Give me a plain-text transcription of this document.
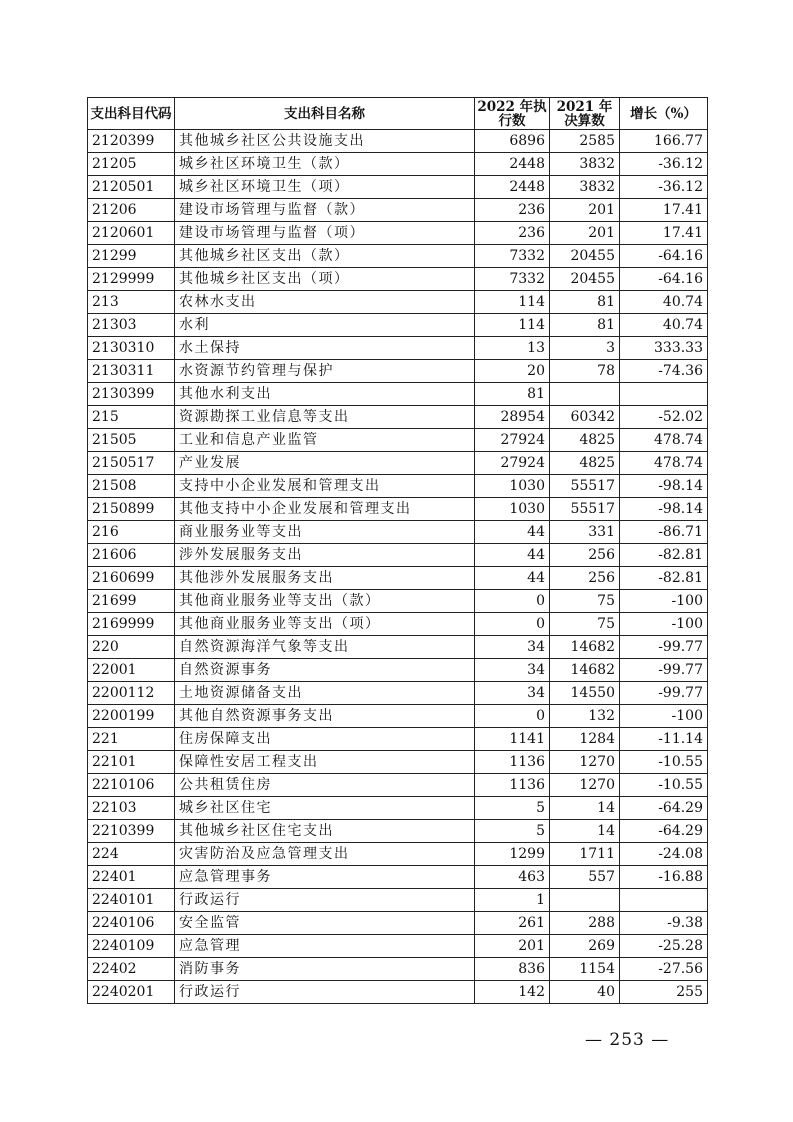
支出科目代码	支出科目名称	2022 年执行数	2021 年决算数	增长（%）
2120399	其他城乡社区公共设施支出	6896	2585	166.77
21205	城乡社区环境卫生（款）	2448	3832	-36.12
2120501	城乡社区环境卫生（项）	2448	3832	-36.12
21206	建设市场管理与监督（款）	236	201	17.41
2120601	建设市场管理与监督（项）	236	201	17.41
21299	其他城乡社区支出（款）	7332	20455	-64.16
2129999	其他城乡社区支出（项）	7332	20455	-64.16
213	农林水支出	114	81	40.74
21303	水利	114	81	40.74
2130310	水土保持	13	3	333.33
2130311	水资源节约管理与保护	20	78	-74.36
2130399	其他水利支出	81		
215	资源勘探工业信息等支出	28954	60342	-52.02
21505	工业和信息产业监管	27924	4825	478.74
2150517	产业发展	27924	4825	478.74
21508	支持中小企业发展和管理支出	1030	55517	-98.14
2150899	其他支持中小企业发展和管理支出	1030	55517	-98.14
216	商业服务业等支出	44	331	-86.71
21606	涉外发展服务支出	44	256	-82.81
2160699	其他涉外发展服务支出	44	256	-82.81
21699	其他商业服务业等支出（款）	0	75	-100
2169999	其他商业服务业等支出（项）	0	75	-100
220	自然资源海洋气象等支出	34	14682	-99.77
22001	自然资源事务	34	14682	-99.77
2200112	土地资源储备支出	34	14550	-99.77
2200199	其他自然资源事务支出	0	132	-100
221	住房保障支出	1141	1284	-11.14
22101	保障性安居工程支出	1136	1270	-10.55
2210106	公共租赁住房	1136	1270	-10.55
22103	城乡社区住宅	5	14	-64.29
2210399	其他城乡社区住宅支出	5	14	-64.29
224	灾害防治及应急管理支出	1299	1711	-24.08
22401	应急管理事务	463	557	-16.88
2240101	行政运行	1		
2240106	安全监管	261	288	-9.38
2240109	应急管理	201	269	-25.28
22402	消防事务	836	1154	-27.56
2240201	行政运行	142	40	255
— 253 —
